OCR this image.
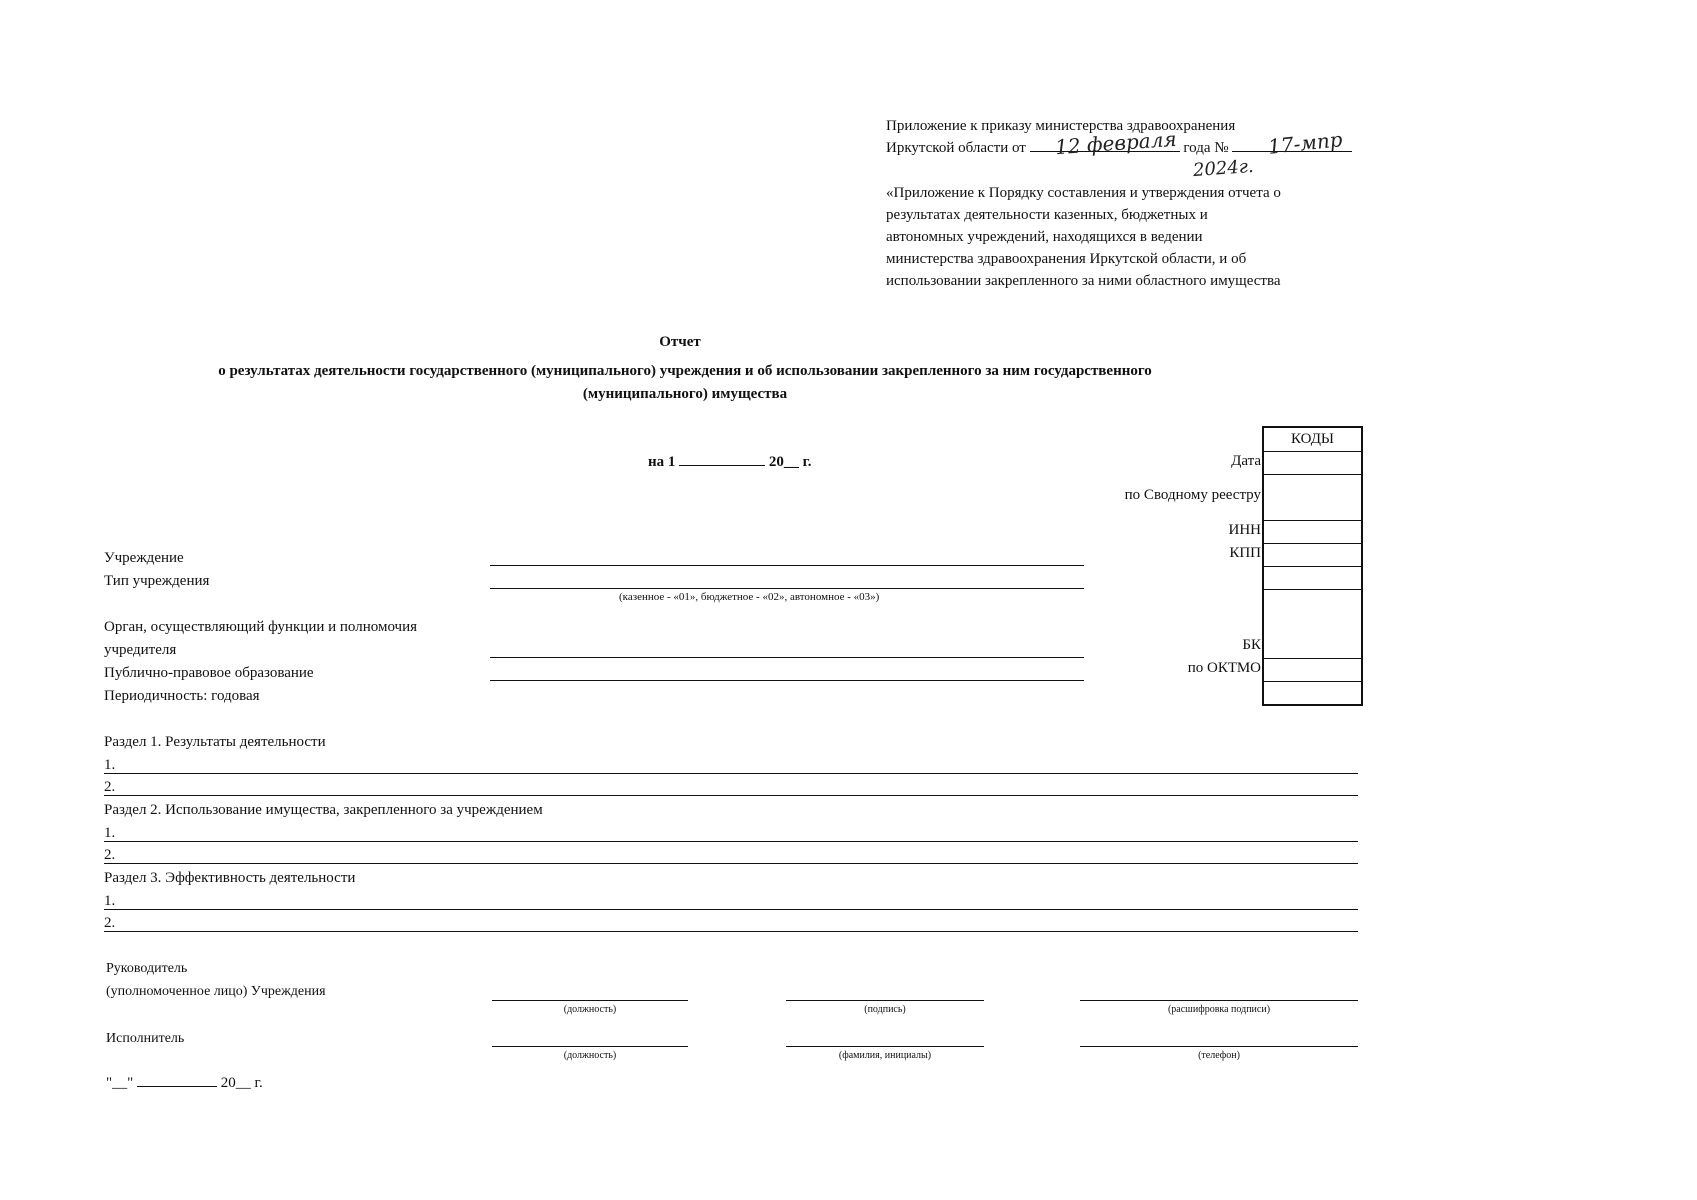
Приложение к приказу министерства здравоохранения
Иркутской области от	года №
12 февраля	17-мпр
2024г.
«Приложение к Порядку составления и утверждения отчета о
результатах деятельности казенных, бюджетных и
автономных учреждений, находящихся в ведении
министерства здравоохранения Иркутской области, и об
использовании закрепленного за ними областного имущества
Отчет
о результатах деятельности государственного (муниципального) учреждения и об использовании закрепленного за ним государственного
(муниципального) имущества
на 1	20__ г.
КОДЫ
Дата
по Сводному реестру
ИНН
КПП
БК
по ОКТМО
Учреждение
Тип учреждения
(казенное - «01», бюджетное - «02», автономное - «03»)
Орган, осуществляющий функции и полномочия
учредителя
Публично-правовое образование
Периодичность: годовая
Раздел 1. Результаты деятельности
1.
2.
Раздел 2. Использование имущества, закрепленного за учреждением
1.
2.
Раздел 3. Эффективность деятельности
1.
2.
Руководитель
(уполномоченное лицо) Учреждения
(должность)	(подпись)	(расшифровка подписи)
Исполнитель
(должность)	(фамилия, инициалы)	(телефон)
"__"	20__ г.
